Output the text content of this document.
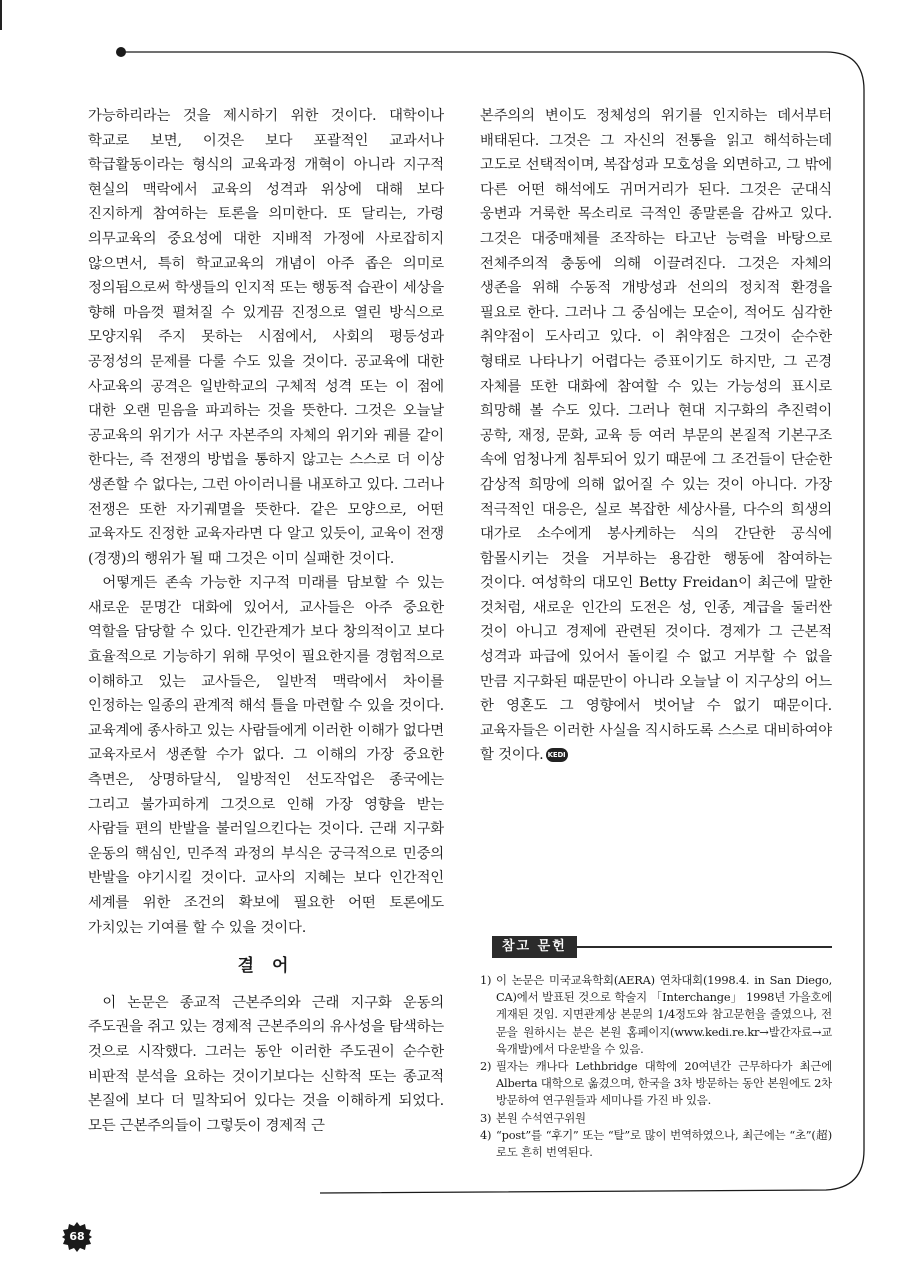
가능하리라는 것을 제시하기 위한 것이다. 대학이나 학교로 보면, 이것은 보다 포괄적인 교과서나 학급활동이라는 형식의 교육과정 개혁이 아니라 지구적 현실의 맥락에서 교육의 성격과 위상에 대해 보다 진지하게 참여하는 토론을 의미한다. 또 달리는, 가령 의무교육의 중요성에 대한 지배적 가정에 사로잡히지 않으면서, 특히 학교교육의 개념이 아주 좁은 의미로 정의됨으로써 학생들의 인지적 또는 행동적 습관이 세상을 향해 마음껏 펼쳐질 수 있게끔 진정으로 열린 방식으로 모양지워 주지 못하는 시점에서, 사회의 평등성과 공정성의 문제를 다룰 수도 있을 것이다. 공교육에 대한 사교육의 공격은 일반학교의 구체적 성격 또는 이 점에 대한 오랜 믿음을 파괴하는 것을 뜻한다. 그것은 오늘날 공교육의 위기가 서구 자본주의 자체의 위기와 궤를 같이 한다는, 즉 전쟁의 방법을 통하지 않고는 스스로 더 이상 생존할 수 없다는, 그런 아이러니를 내포하고 있다. 그러나 전쟁은 또한 자기궤멸을 뜻한다. 같은 모양으로, 어떤 교육자도 진정한 교육자라면 다 알고 있듯이, 교육이 전쟁(경쟁)의 행위가 될 때 그것은 이미 실패한 것이다.

어떻게든 존속 가능한 지구적 미래를 담보할 수 있는 새로운 문명간 대화에 있어서, 교사들은 아주 중요한 역할을 담당할 수 있다. 인간관계가 보다 창의적이고 보다 효율적으로 기능하기 위해 무엇이 필요한지를 경험적으로 이해하고 있는 교사들은, 일반적 맥락에서 차이를 인정하는 일종의 관계적 해석 틀을 마련할 수 있을 것이다. 교육계에 종사하고 있는 사람들에게 이러한 이해가 없다면 교육자로서 생존할 수가 없다. 그 이해의 가장 중요한 측면은, 상명하달식, 일방적인 선도작업은 종국에는 그리고 불가피하게 그것으로 인해 가장 영향을 받는 사람들 편의 반발을 불러일으킨다는 것이다. 근래 지구화 운동의 핵심인, 민주적 과정의 부식은 궁극적으로 민중의 반발을 야기시킬 것이다. 교사의 지혜는 보다 인간적인 세계를 위한 조건의 확보에 필요한 어떤 토론에도 가치있는 기여를 할 수 있을 것이다.

결 어

이 논문은 종교적 근본주의와 근래 지구화 운동의 주도권을 쥐고 있는 경제적 근본주의의 유사성을 탐색하는 것으로 시작했다. 그러는 동안 이러한 주도권이 순수한 비판적 분석을 요하는 것이기보다는 신학적 또는 종교적 본질에 보다 더 밀착되어 있다는 것을 이해하게 되었다. 모든 근본주의들이 그렇듯이 경제적 근

본주의의 변이도 정체성의 위기를 인지하는 데서부터 배태된다. 그것은 그 자신의 전통을 읽고 해석하는데 고도로 선택적이며, 복잡성과 모호성을 외면하고, 그 밖에 다른 어떤 해석에도 귀머거리가 된다. 그것은 군대식 웅변과 거룩한 목소리로 극적인 종말론을 감싸고 있다. 그것은 대중매체를 조작하는 타고난 능력을 바탕으로 전체주의적 충동에 의해 이끌려진다. 그것은 자체의 생존을 위해 수동적 개방성과 선의의 정치적 환경을 필요로 한다. 그러나 그 중심에는 모순이, 적어도 심각한 취약점이 도사리고 있다. 이 취약점은 그것이 순수한 형태로 나타나기 어렵다는 증표이기도 하지만, 그 곤경 자체를 또한 대화에 참여할 수 있는 가능성의 표시로 희망해 볼 수도 있다. 그러나 현대 지구화의 추진력이 공학, 재정, 문화, 교육 등 여러 부문의 본질적 기본구조 속에 엄청나게 침투되어 있기 때문에 그 조건들이 단순한 감상적 희망에 의해 없어질 수 있는 것이 아니다. 가장 적극적인 대응은, 실로 복잡한 세상사를, 다수의 희생의 대가로 소수에게 봉사케하는 식의 간단한 공식에 함몰시키는 것을 거부하는 용감한 행동에 참여하는 것이다. 여성학의 대모인 Betty Freidan이 최근에 말한 것처럼, 새로운 인간의 도전은 성, 인종, 계급을 둘러싼 것이 아니고 경제에 관련된 것이다. 경제가 그 근본적 성격과 파급에 있어서 돌이킬 수 없고 거부할 수 없을 만큼 지구화된 때문만이 아니라 오늘날 이 지구상의 어느 한 영혼도 그 영향에서 벗어날 수 없기 때문이다. 교육자들은 이러한 사실을 직시하도록 스스로 대비하여야 할 것이다. KEDI

참고 문헌
1) 이 논문은 미국교육학회(AERA) 연차대회(1998.4. in San Diego, CA)에서 발표된 것으로 학술지 「Interchange」 1998년 가을호에 게재된 것임. 지면관계상 본문의 1/4정도와 참고문헌을 줄였으나, 전문을 원하시는 분은 본원 홈페이지(www.kedi.re.kr→발간자료→교육개발)에서 다운받을 수 있음.
2) 필자는 캐나다 Lethbridge 대학에 20여년간 근무하다가 최근에 Alberta 대학으로 옮겼으며, 한국을 3차 방문하는 동안 본원에도 2차 방문하여 연구원들과 세미나를 가진 바 있음.
3) 본원 수석연구위원
4) “post”를 “후기” 또는 “탈”로 많이 번역하였으나, 최근에는 “초”(超)로도 흔히 번역된다.
68
